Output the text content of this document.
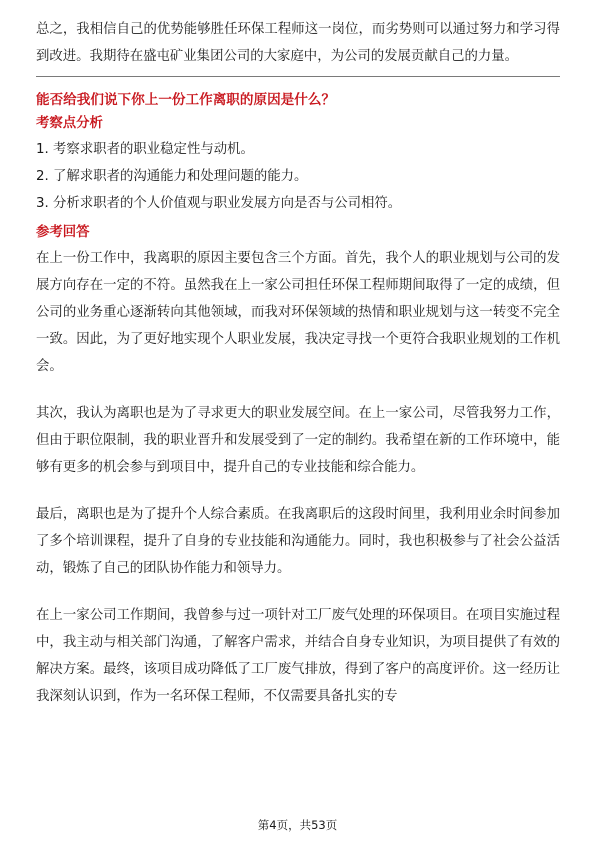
总之，我相信自己的优势能够胜任环保工程师这一岗位，而劣势则可以通过努力和学习得到改进。我期待在盛屯矿业集团公司的大家庭中，为公司的发展贡献自己的力量。

能否给我们说下你上一份工作离职的原因是什么？

考察点分析

1. 考察求职者的职业稳定性与动机。
2. 了解求职者的沟通能力和处理问题的能力。
3. 分析求职者的个人价值观与职业发展方向是否与公司相符。

参考回答

在上一份工作中，我离职的原因主要包含三个方面。首先，我个人的职业规划与公司的发展方向存在一定的不符。虽然我在上一家公司担任环保工程师期间取得了一定的成绩，但公司的业务重心逐渐转向其他领域，而我对环保领域的热情和职业规划与这一转变不完全一致。因此，为了更好地实现个人职业发展，我决定寻找一个更符合我职业规划的工作机会。

其次，我认为离职也是为了寻求更大的职业发展空间。在上一家公司，尽管我努力工作，但由于职位限制，我的职业晋升和发展受到了一定的制约。我希望在新的工作环境中，能够有更多的机会参与到项目中，提升自己的专业技能和综合能力。

最后，离职也是为了提升个人综合素质。在我离职后的这段时间里，我利用业余时间参加了多个培训课程，提升了自身的专业技能和沟通能力。同时，我也积极参与了社会公益活动，锻炼了自己的团队协作能力和领导力。

在上一家公司工作期间，我曾参与过一项针对工厂废气处理的环保项目。在项目实施过程中，我主动与相关部门沟通，了解客户需求，并结合自身专业知识，为项目提供了有效的解决方案。最终，该项目成功降低了工厂废气排放，得到了客户的高度评价。这一经历让我深刻认识到，作为一名环保工程师，不仅需要具备扎实的专

第4页，共53页
